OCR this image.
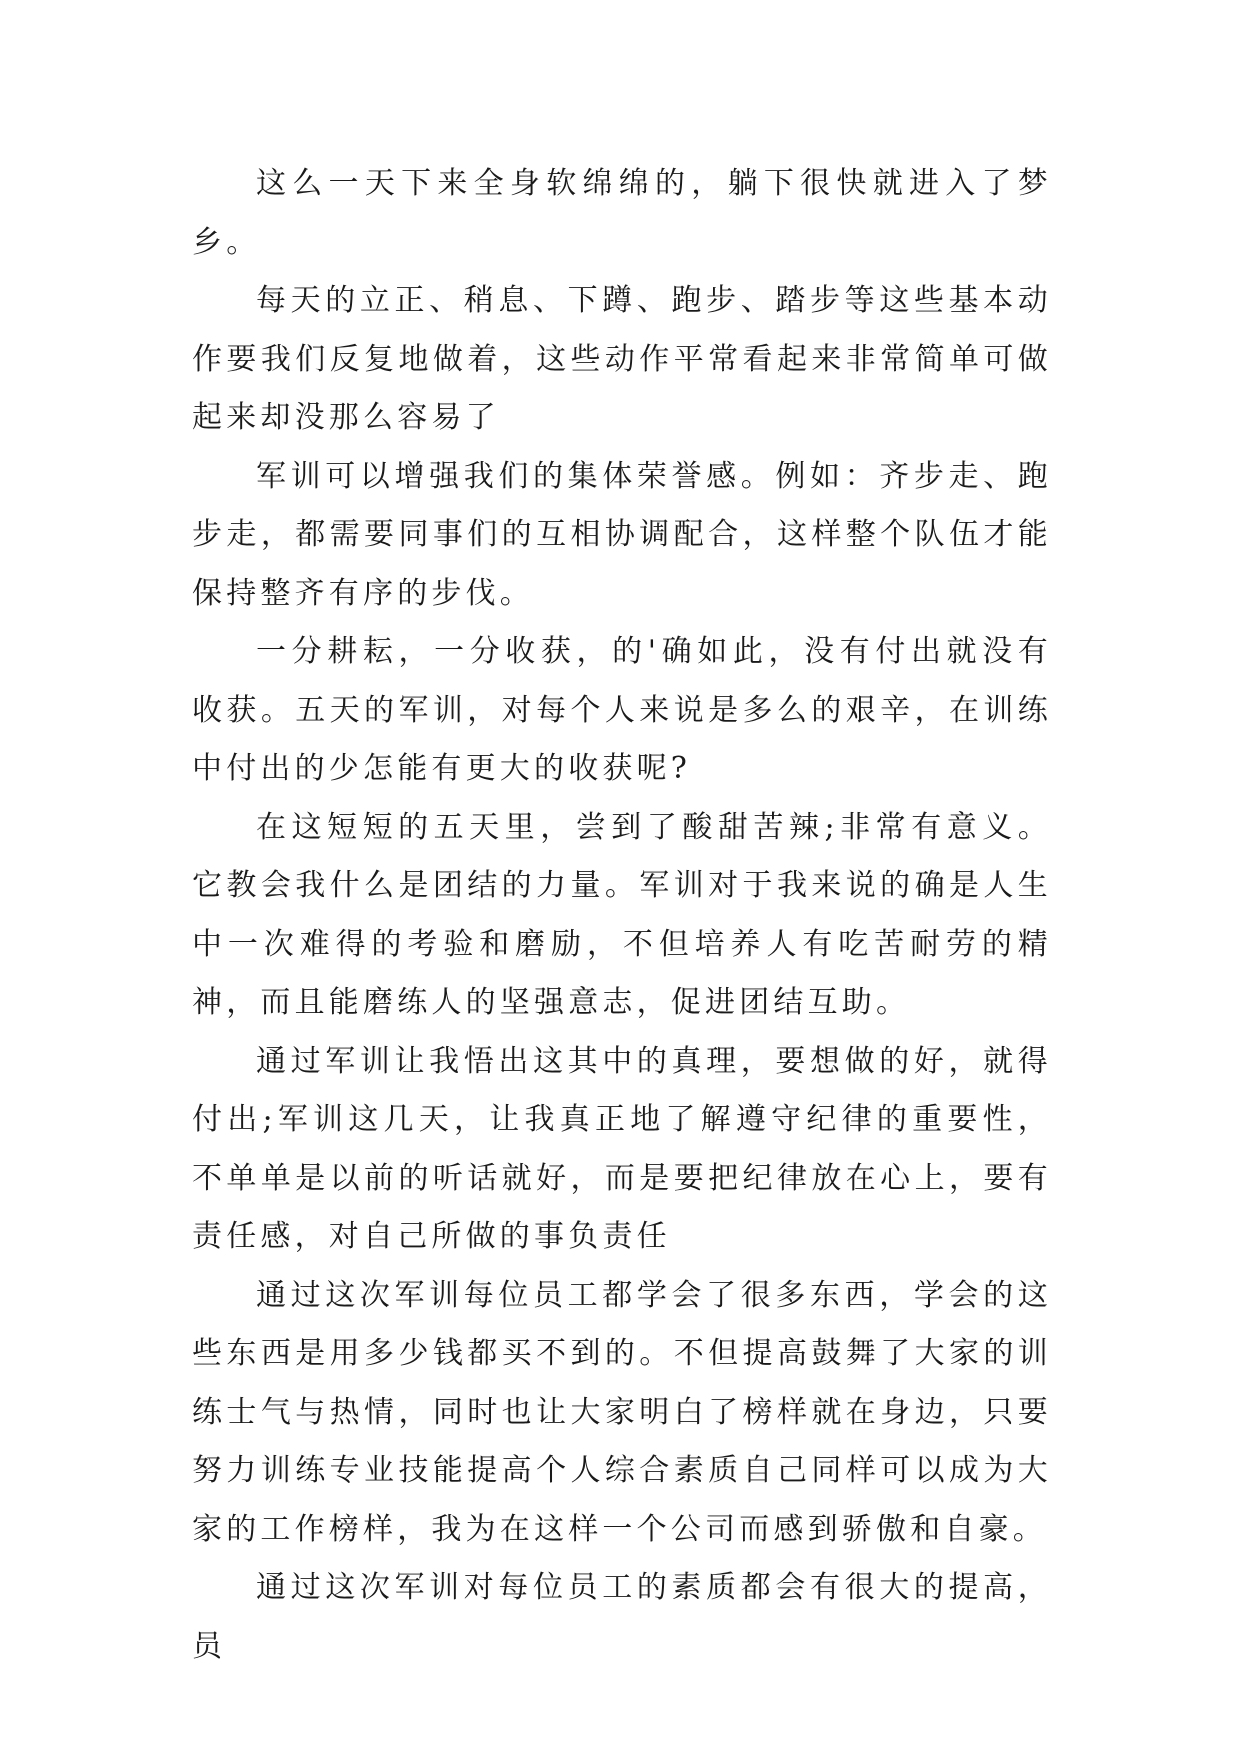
这么一天下来全身软绵绵的，躺下很快就进入了梦乡。

每天的立正、稍息、下蹲、跑步、踏步等这些基本动作要我们反复地做着，这些动作平常看起来非常简单可做起来却没那么容易了

军训可以增强我们的集体荣誉感。例如：齐步走、跑步走，都需要同事们的互相协调配合，这样整个队伍才能保持整齐有序的步伐。

一分耕耘，一分收获，的'确如此，没有付出就没有收获。五天的军训，对每个人来说是多么的艰辛，在训练中付出的少怎能有更大的收获呢?

在这短短的五天里，尝到了酸甜苦辣;非常有意义。它教会我什么是团结的力量。军训对于我来说的确是人生中一次难得的考验和磨励，不但培养人有吃苦耐劳的精神，而且能磨练人的坚强意志，促进团结互助。

通过军训让我悟出这其中的真理，要想做的好，就得付出;军训这几天，让我真正地了解遵守纪律的重要性，不单单是以前的听话就好，而是要把纪律放在心上，要有责任感，对自己所做的事负责任

通过这次军训每位员工都学会了很多东西，学会的这些东西是用多少钱都买不到的。不但提高鼓舞了大家的训练士气与热情，同时也让大家明白了榜样就在身边，只要努力训练专业技能提高个人综合素质自己同样可以成为大家的工作榜样，我为在这样一个公司而感到骄傲和自豪。

通过这次军训对每位员工的素质都会有很大的提高，员
